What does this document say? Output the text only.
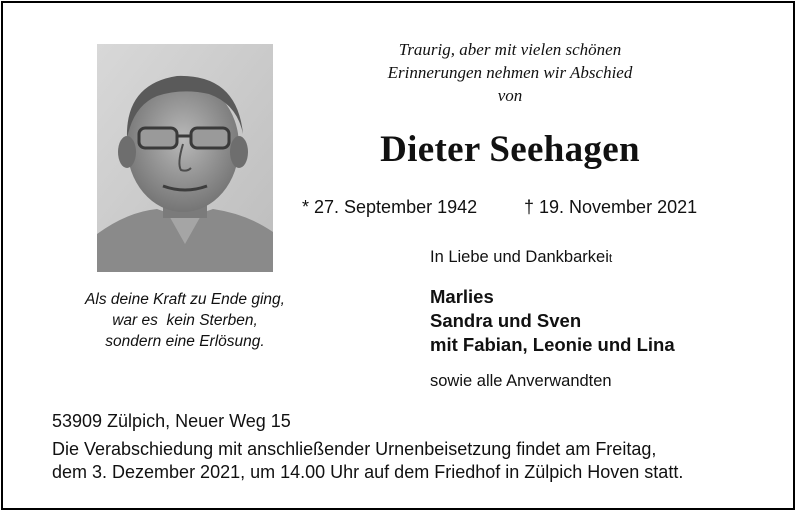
Traurig, aber mit vielen schönen
Erinnerungen nehmen wir Abschied
von
Dieter Seehagen
* 27. September 1942	† 19. November 2021
Als deine Kraft zu Ende ging,
war es  kein Sterben,
sondern eine Erlösung.
In Liebe und Dankbarkeit
Marlies
Sandra und Sven
mit Fabian, Leonie und Lina
sowie alle Anverwandten
53909 Zülpich, Neuer Weg 15
Die Verabschiedung mit anschließender Urnenbeisetzung findet am Freitag,
dem 3. Dezember 2021, um 14.00 Uhr auf dem Friedhof in Zülpich Hoven statt.
